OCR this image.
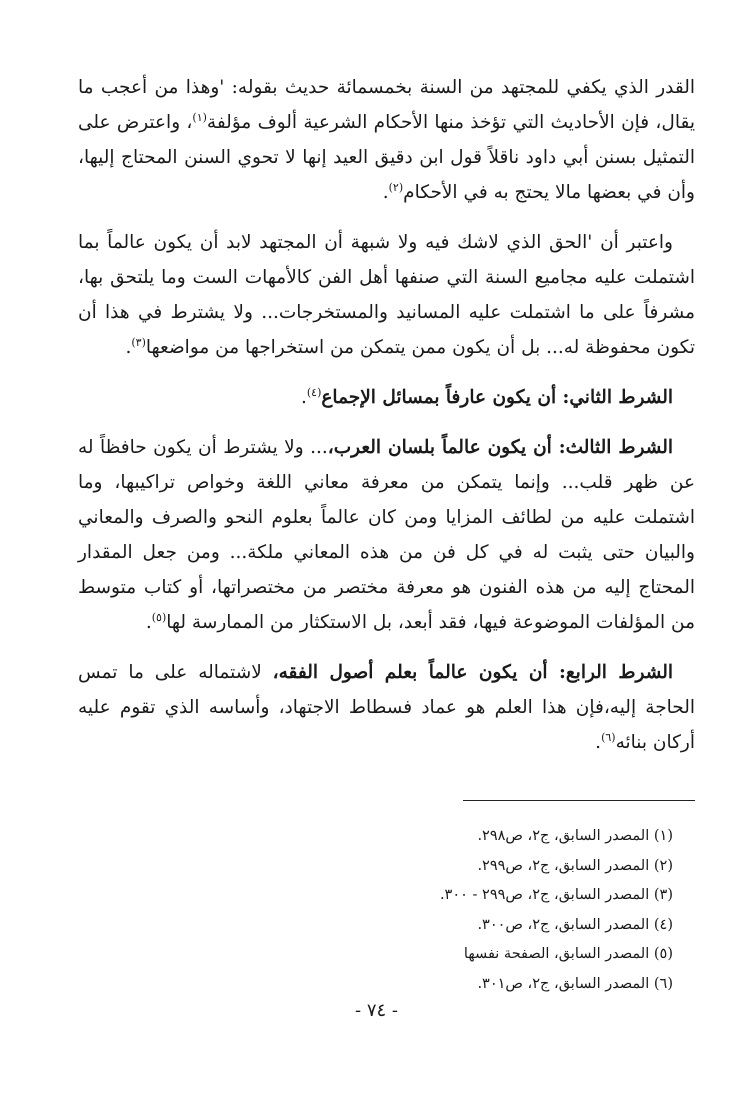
القدر الذي يكفي للمجتهد من السنة بخمسمائة حديث بقوله: 'وهذا من أعجب ما يقال، فإن الأحاديث التي تؤخذ منها الأحكام الشرعية ألوف مؤلفة$^{(١)}$، واعترض على التمثيل بسنن أبي داود ناقلاً قول ابن دقيق العيد إنها لا تحوي السنن المحتاج إليها، وأن في بعضها مالا يحتج به في الأحكام$^{(٢)}$.

واعتبر أن 'الحق الذي لاشك فيه ولا شبهة أن المجتهد لابد أن يكون عالماً بما اشتملت عليه مجاميع السنة التي صنفها أهل الفن كالأمهات الست وما يلتحق بها، مشرفاً على ما اشتملت عليه المسانيد والمستخرجات... ولا يشترط في هذا أن تكون محفوظة له... بل أن يكون ممن يتمكن من استخراجها من مواضعها$^{(٣)}$.

الشرط الثاني: أن يكون عارفاً بمسائل الإجماع$^{(٤)}$.

الشرط الثالث: أن يكون عالماً بلسان العرب،... ولا يشترط أن يكون حافظاً له عن ظهر قلب... وإنما يتمكن من معرفة معاني اللغة وخواص تراكيبها، وما اشتملت عليه من لطائف المزايا ومن كان عالماً بعلوم النحو والصرف والمعاني والبيان حتى يثبت له في كل فن من هذه المعاني ملكة... ومن جعل المقدار المحتاج إليه من هذه الفنون هو معرفة مختصر من مختصراتها، أو كتاب متوسط من المؤلفات الموضوعة فيها، فقد أبعد، بل الاستكثار من الممارسة لها$^{(٥)}$.

الشرط الرابع: أن يكون عالماً بعلم أصول الفقه، لاشتماله على ما تمس الحاجة إليه،فإن هذا العلم هو عماد فسطاط الاجتهاد، وأساسه الذي تقوم عليه أركان بنائه$^{(٦)}$.

(١) المصدر السابق، ج٢، ص٢٩٨.
(٢) المصدر السابق، ج٢، ص٢٩٩.
(٣) المصدر السابق، ج٢، ص٢٩٩ - ٣٠٠.
(٤) المصدر السابق، ج٢، ص٣٠٠.
(٥) المصدر السابق، الصفحة نفسها
(٦) المصدر السابق، ج٢، ص٣٠١.
- ٧٤ -
